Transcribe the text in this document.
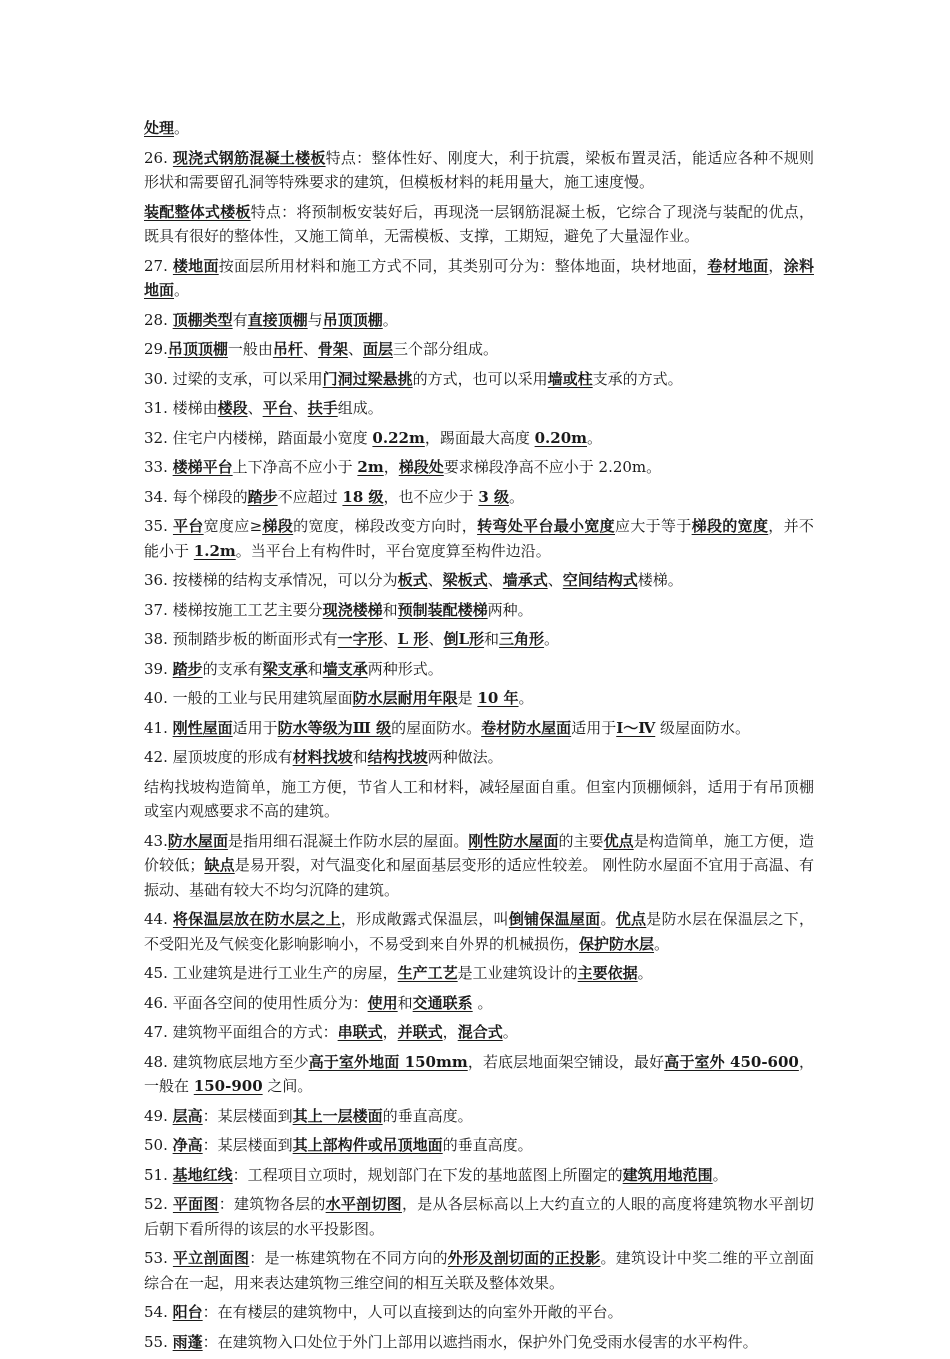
处理。

26. 现浇式钢筋混凝土楼板特点：整体性好、刚度大，利于抗震，梁板布置灵活，能适应各种不规则形状和需要留孔洞等特殊要求的建筑，但模板材料的耗用量大，施工速度慢。

装配整体式楼板特点：将预制板安装好后，再现浇一层钢筋混凝土板，它综合了现浇与装配的优点，既具有很好的整体性，又施工简单，无需模板、支撑，工期短，避免了大量湿作业。

27. 楼地面按面层所用材料和施工方式不同，其类别可分为：整体地面，块材地面，卷材地面，涂料地面。

28. 顶棚类型有直接顶棚与吊顶顶棚。

29.吊顶顶棚一般由吊杆、骨架、面层三个部分组成。

30. 过梁的支承，可以采用门洞过梁悬挑的方式，也可以采用墙或柱支承的方式。

31. 楼梯由楼段、平台、扶手组成。

32. 住宅户内楼梯，踏面最小宽度 0.22m，踢面最大高度 0.20m。

33. 楼梯平台上下净高不应小于 2m，梯段处要求梯段净高不应小于 2.20m。

34. 每个梯段的踏步不应超过 18 级，也不应少于 3 级。

35. 平台宽度应≥梯段的宽度，梯段改变方向时，转弯处平台最小宽度应大于等于梯段的宽度，并不能小于 1.2m。当平台上有构件时，平台宽度算至构件边沿。

36. 按楼梯的结构支承情况，可以分为板式、梁板式、墙承式、空间结构式楼梯。

37. 楼梯按施工工艺主要分现浇楼梯和预制装配楼梯两种。

38. 预制踏步板的断面形式有一字形、L 形、倒L形和三角形。

39. 踏步的支承有梁支承和墙支承两种形式。

40. 一般的工业与民用建筑屋面防水层耐用年限是 10 年。

41. 刚性屋面适用于防水等级为Ⅲ 级的屋面防水。卷材防水屋面适用于Ⅰ～Ⅳ 级屋面防水。

42. 屋顶坡度的形成有材料找坡和结构找坡两种做法。

结构找坡构造简单，施工方便，节省人工和材料，减轻屋面自重。但室内顶棚倾斜，适用于有吊顶棚或室内观感要求不高的建筑。

43.防水屋面是指用细石混凝土作防水层的屋面。刚性防水屋面的主要优点是构造简单，施工方便，造价较低；缺点是易开裂，对气温变化和屋面基层变形的适应性较差。 刚性防水屋面不宜用于高温、有振动、基础有较大不均匀沉降的建筑。

44. 将保温层放在防水层之上，形成敞露式保温层，叫倒铺保温屋面。优点是防水层在保温层之下，不受阳光及气候变化影响影响小，不易受到来自外界的机械损伤，保护防水层。

45. 工业建筑是进行工业生产的房屋，生产工艺是工业建筑设计的主要依据。

46. 平面各空间的使用性质分为：使用和交通联系 。

47. 建筑物平面组合的方式：串联式，并联式，混合式。

48. 建筑物底层地方至少高于室外地面 150mm，若底层地面架空铺设，最好高于室外 450-600，一般在 150-900 之间。

49. 层高：某层楼面到其上一层楼面的垂直高度。

50. 净高：某层楼面到其上部构件或吊顶地面的垂直高度。

51. 基地红线：工程项目立项时，规划部门在下发的基地蓝图上所圈定的建筑用地范围。

52. 平面图：建筑物各层的水平剖切图，是从各层标高以上大约直立的人眼的高度将建筑物水平剖切后朝下看所得的该层的水平投影图。

53. 平立剖面图：是一栋建筑物在不同方向的外形及剖切面的正投影。建筑设计中奖二维的平立剖面综合在一起，用来表达建筑物三维空间的相互关联及整体效果。

54. 阳台：在有楼层的建筑物中，人可以直接到达的向室外开敞的平台。

55. 雨蓬：在建筑物入口处位于外门上部用以遮挡雨水，保护外门免受雨水侵害的水平构件。
